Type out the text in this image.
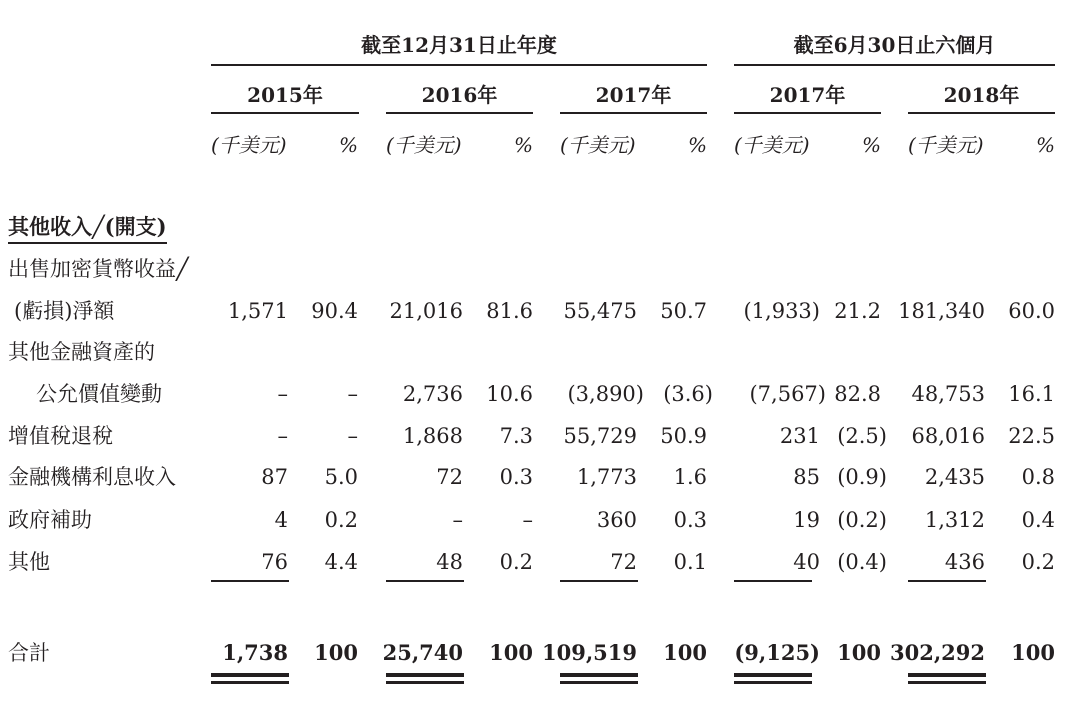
截至12月31日止年度	截至6月30日止六個月
2015年	2016年	2017年	2017年	2018年
(千美元)	% (千美元)	% (千美元)	% (千美元)	% (千美元)	%
其他收入╱(開支)
出售加密貨幣收益╱
(虧損)淨額	1,571	90.4	21,016	81.6	55,475	50.7	(1,933) 21.2 181,340	60.0
其他金融資產的
公允價值變動	–	–	2,736	10.6	(3,890) (3.6)	(7,567) 82.8	48,753	16.1
增值稅退稅	–	–	1,868	7.3	55,729	50.9	231 (2.5)	68,016	22.5
金融機構利息收入	87	5.0	72	0.3	1,773	1.6	85 (0.9)	2,435	0.8
政府補助	4	0.2	–	–	360	0.3	19 (0.2)	1,312	0.4
其他	76	4.4	48	0.2	72	0.1	40 (0.4)	436	0.2
合計	1,738	100	25,740	100 109,519	100	(9,125) 100 302,292	100
